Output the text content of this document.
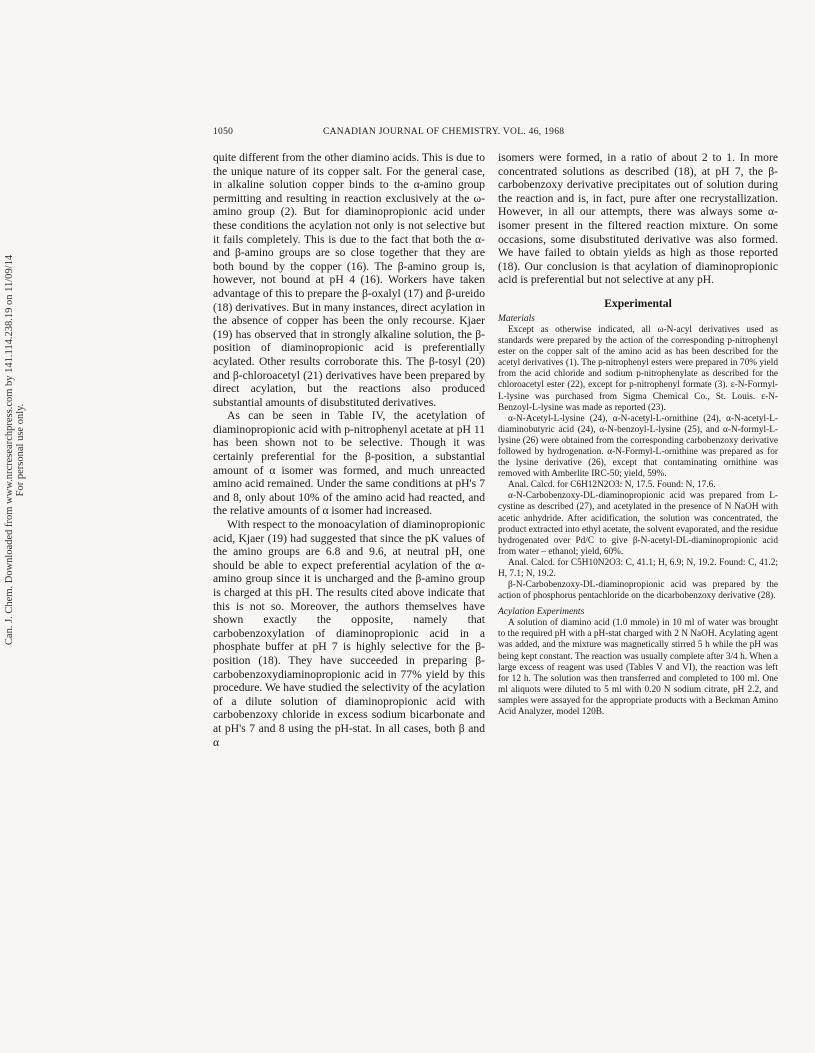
Can. J. Chem. Downloaded from www.nrcresearchpress.com by 141.114.238.19 on 11/09/14 For personal use only.
1050	CANADIAN JOURNAL OF CHEMISTRY. VOL. 46, 1968

quite different from the other diamino acids. This is due to the unique nature of its copper salt. For the general case, in alkaline solution copper binds to the α-amino group permitting and resulting in reaction exclusively at the ω-amino group (2). But for diaminopropionic acid under these conditions the acylation not only is not selective but it fails completely. This is due to the fact that both the α- and β-amino groups are so close together that they are both bound by the copper (16). The β-amino group is, however, not bound at pH 4 (16). Workers have taken advantage of this to prepare the β-oxalyl (17) and β-ureido (18) derivatives. But in many instances, direct acylation in the absence of copper has been the only recourse. Kjaer (19) has observed that in strongly alkaline solution, the β-position of diaminopropionic acid is preferentially acylated. Other results corroborate this. The β-tosyl (20) and β-chloroacetyl (21) derivatives have been prepared by direct acylation, but the reactions also produced substantial amounts of disubstituted derivatives.

As can be seen in Table IV, the acetylation of diaminopropionic acid with p-nitrophenyl acetate at pH 11 has been shown not to be selective. Though it was certainly preferential for the β-position, a substantial amount of α isomer was formed, and much unreacted amino acid remained. Under the same conditions at pH's 7 and 8, only about 10% of the amino acid had reacted, and the relative amounts of α isomer had increased.

With respect to the monoacylation of diaminopropionic acid, Kjaer (19) had suggested that since the pK values of the amino groups are 6.8 and 9.6, at neutral pH, one should be able to expect preferential acylation of the α-amino group since it is uncharged and the β-amino group is charged at this pH. The results cited above indicate that this is not so. Moreover, the authors themselves have shown exactly the opposite, namely that carbobenzoxylation of diaminopropionic acid in a phosphate buffer at pH 7 is highly selective for the β-position (18). They have succeeded in preparing β-carbobenzoxydiaminopropionic acid in 77% yield by this procedure. We have studied the selectivity of the acylation of a dilute solution of diaminopropionic acid with carbobenzoxy chloride in excess sodium bicarbonate and at pH's 7 and 8 using the pH-stat. In all cases, both β and α

isomers were formed, in a ratio of about 2 to 1. In more concentrated solutions as described (18), at pH 7, the β-carbobenzoxy derivative precipitates out of solution during the reaction and is, in fact, pure after one recrystallization. However, in all our attempts, there was always some α-isomer present in the filtered reaction mixture. On some occasions, some disubstituted derivative was also formed. We have failed to obtain yields as high as those reported (18). Our conclusion is that acylation of diaminopropionic acid is preferential but not selective at any pH.

Experimental
Materials

Except as otherwise indicated, all ω-N-acyl derivatives used as standards were prepared by the action of the corresponding p-nitrophenyl ester on the copper salt of the amino acid as has been described for the acetyl derivatives (1). The p-nitrophenyl esters were prepared in 70% yield from the acid chloride and sodium p-nitrophenylate as described for the chloroacetyl ester (22), except for p-nitrophenyl formate (3). ε-N-Formyl-L-lysine was purchased from Sigma Chemical Co., St. Louis. ε-N-Benzoyl-L-lysine was made as reported (23).

α-N-Acetyl-L-lysine (24), α-N-acetyl-L-ornithine (24), α-N-acetyl-L-diaminobutyric acid (24), α-N-benzoyl-L-lysine (25), and α-N-formyl-L-lysine (26) were obtained from the corresponding carbobenzoxy derivative followed by hydrogenation. α-N-Formyl-L-ornithine was prepared as for the lysine derivative (26), except that contaminating ornithine was removed with Amberlite IRC-50; yield, 59%.

Anal. Calcd. for C6H12N2O3: N, 17.5. Found: N, 17.6.

α-N-Carbobenzoxy-DL-diaminopropionic acid was prepared from L-cystine as described (27), and acetylated in the presence of N NaOH with acetic anhydride. After acidification, the solution was concentrated, the product extracted into ethyl acetate, the solvent evaporated, and the residue hydrogenated over Pd/C to give β-N-acetyl-DL-diaminopropionic acid from water – ethanol; yield, 60%.

Anal. Calcd. for C5H10N2O3: C, 41.1; H, 6.9; N, 19.2. Found: C, 41.2; H, 7.1; N, 19.2.

β-N-Carbobenzoxy-DL-diaminopropionic acid was prepared by the action of phosphorus pentachloride on the dicarbobenzoxy derivative (28).

Acylation Experiments

A solution of diamino acid (1.0 mmole) in 10 ml of water was brought to the required pH with a pH-stat charged with 2 N NaOH. Acylating agent was added, and the mixture was magnetically stirred 5 h while the pH was being kept constant. The reaction was usually complete after 3/4 h. When a large excess of reagent was used (Tables V and VI), the reaction was left for 12 h. The solution was then transferred and completed to 100 ml. One ml aliquots were diluted to 5 ml with 0.20 N sodium citrate, pH 2.2, and samples were assayed for the appropriate products with a Beckman Amino Acid Analyzer, model 120B.
